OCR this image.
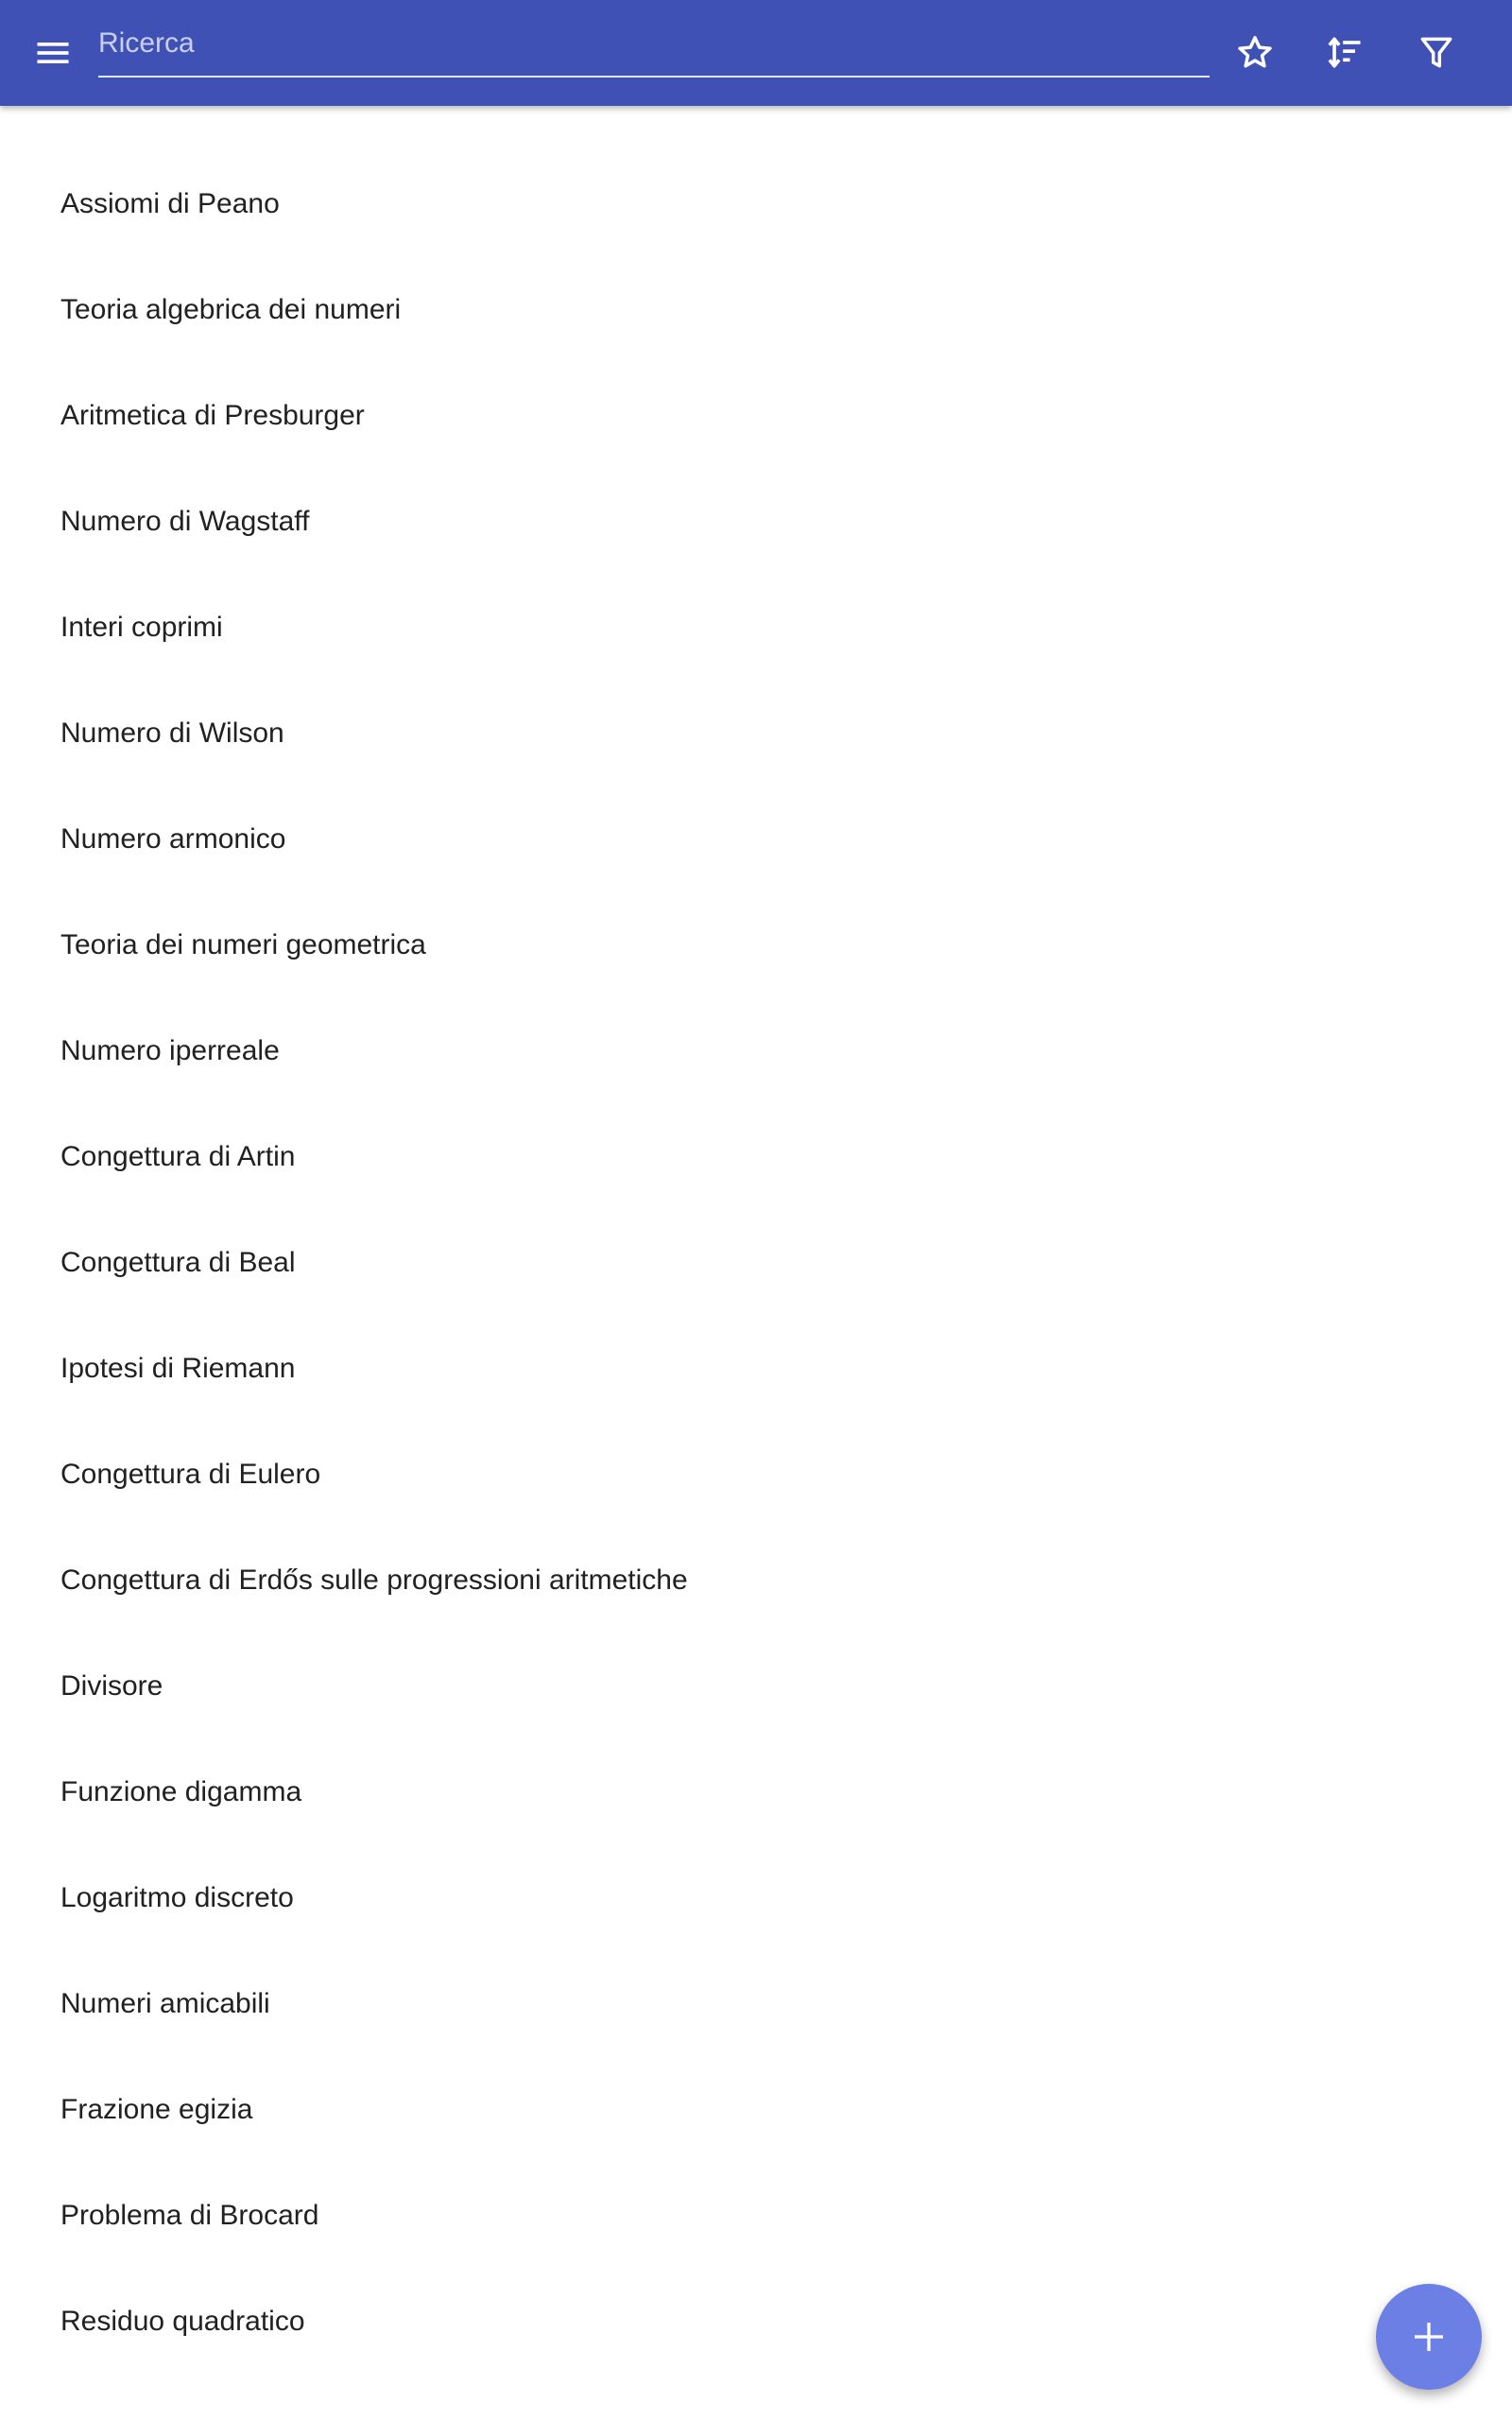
Ricerca
Assiomi di Peano
Teoria algebrica dei numeri
Aritmetica di Presburger
Numero di Wagstaff
Interi coprimi
Numero di Wilson
Numero armonico
Teoria dei numeri geometrica
Numero iperreale
Congettura di Artin
Congettura di Beal
Ipotesi di Riemann
Congettura di Eulero
Congettura di Erdős sulle progressioni aritmetiche
Divisore
Funzione digamma
Logaritmo discreto
Numeri amicabili
Frazione egizia
Problema di Brocard
Residuo quadratico
